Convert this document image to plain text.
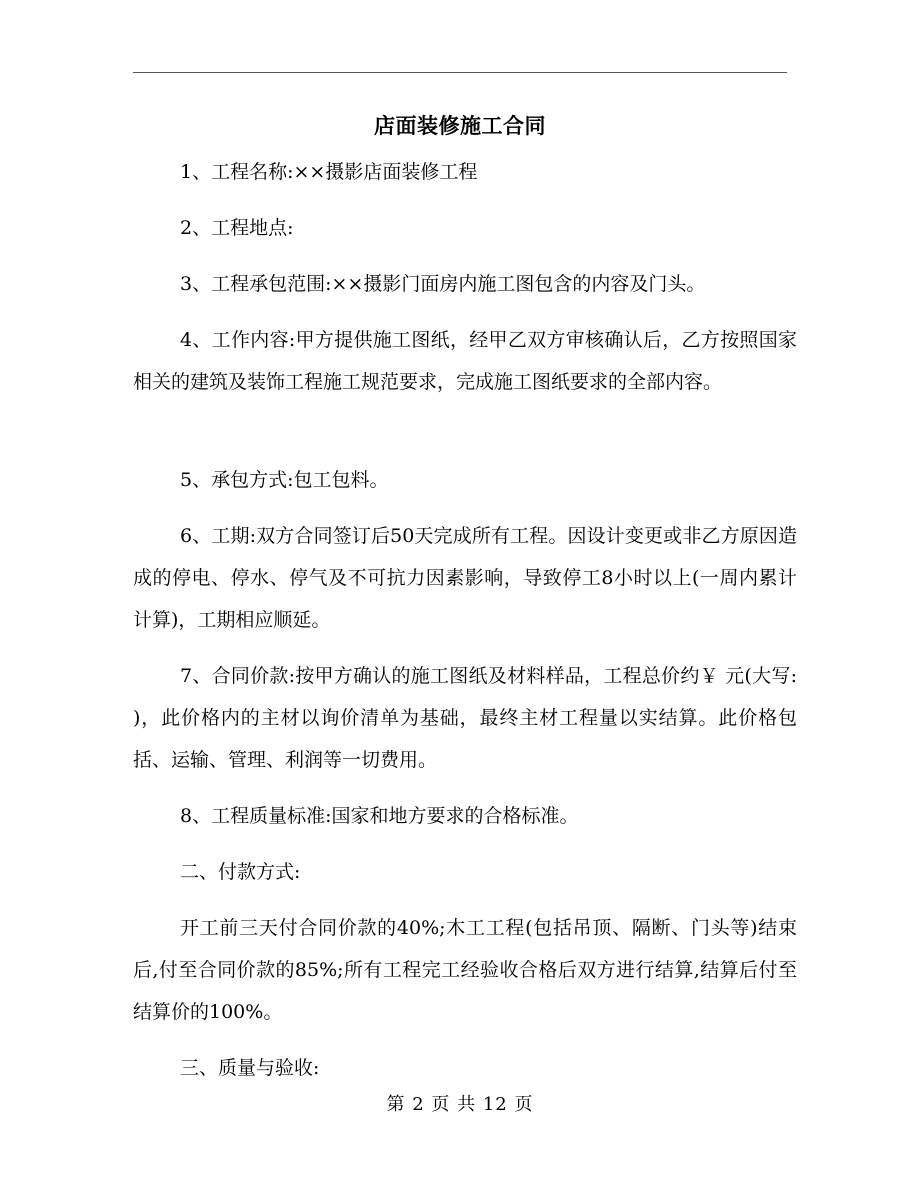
店面装修施工合同
1、工程名称:××摄影店面装修工程
2、工程地点:
3、工程承包范围:××摄影门面房内施工图包含的内容及门头。
4、工作内容:甲方提供施工图纸，经甲乙双方审核确认后，乙方按照国家相关的建筑及装饰工程施工规范要求，完成施工图纸要求的全部内容。
5、承包方式:包工包料。
6、工期:双方合同签订后50天完成所有工程。因设计变更或非乙方原因造成的停电、停水、停气及不可抗力因素影响，导致停工8小时以上(一周内累计计算)，工期相应顺延。
7、合同价款:按甲方确认的施工图纸及材料样品，工程总价约￥ 元(大写: )，此价格内的主材以询价清单为基础，最终主材工程量以实结算。此价格包括、运输、管理、利润等一切费用。
8、工程质量标准:国家和地方要求的合格标准。
二、付款方式:
开工前三天付合同价款的40%;木工工程(包括吊顶、隔断、门头等)结束后,付至合同价款的85%;所有工程完工经验收合格后双方进行结算,结算后付至结算价的100%。
三、质量与验收:
第 2 页 共 12 页
